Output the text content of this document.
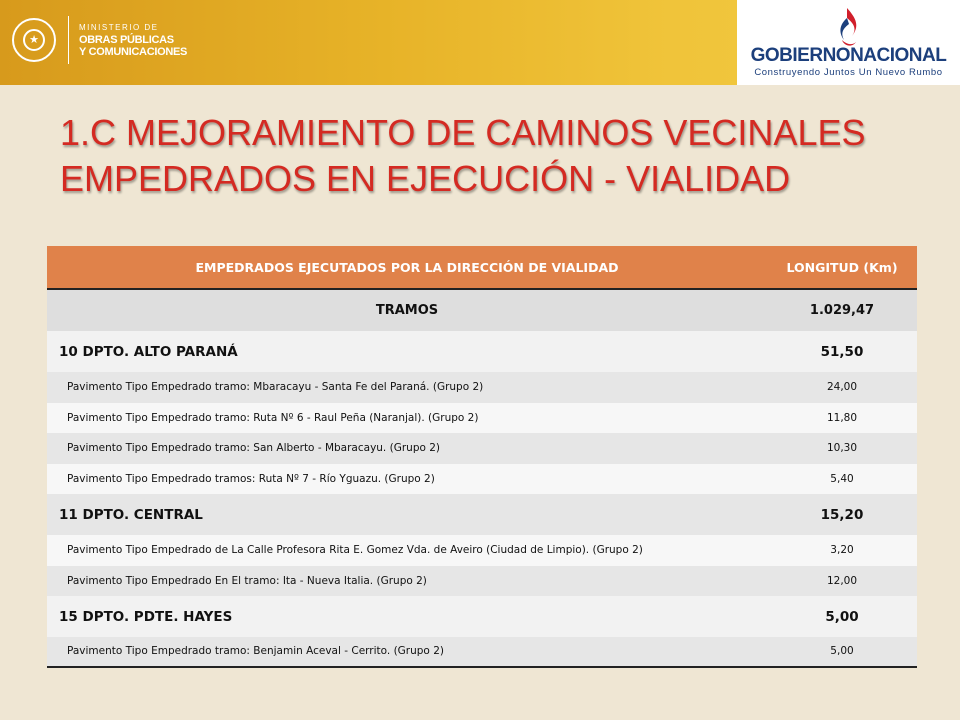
★
MINISTERIO DE
OBRAS PÚBLICAS
Y COMUNICACIONES	GOBIERNONACIONAL
Construyendo Juntos Un Nuevo Rumbo
1.C MEJORAMIENTO DE CAMINOS VECINALES
EMPEDRADOS EN EJECUCIÓN - VIALIDAD
EMPEDRADOS EJECUTADOS POR LA DIRECCIÓN DE VIALIDAD	LONGITUD (Km)
TRAMOS	1.029,47
10 DPTO. ALTO PARANÁ	51,50
Pavimento Tipo Empedrado tramo: Mbaracayu - Santa Fe del Paraná. (Grupo 2)	24,00
Pavimento Tipo Empedrado tramo: Ruta Nº 6 - Raul Peña (Naranjal). (Grupo 2)	11,80
Pavimento Tipo Empedrado tramo: San Alberto - Mbaracayu. (Grupo 2)	10,30
Pavimento Tipo Empedrado tramos: Ruta Nº 7 - Río Yguazu. (Grupo 2)	5,40
11 DPTO. CENTRAL	15,20
Pavimento Tipo Empedrado de La Calle Profesora Rita E. Gomez Vda. de Aveiro (Ciudad de Limpio). (Grupo 2)	3,20
Pavimento Tipo Empedrado En El tramo: Ita - Nueva Italia. (Grupo 2)	12,00
15 DPTO. PDTE. HAYES	5,00
Pavimento Tipo Empedrado tramo: Benjamin Aceval - Cerrito. (Grupo 2)	5,00
